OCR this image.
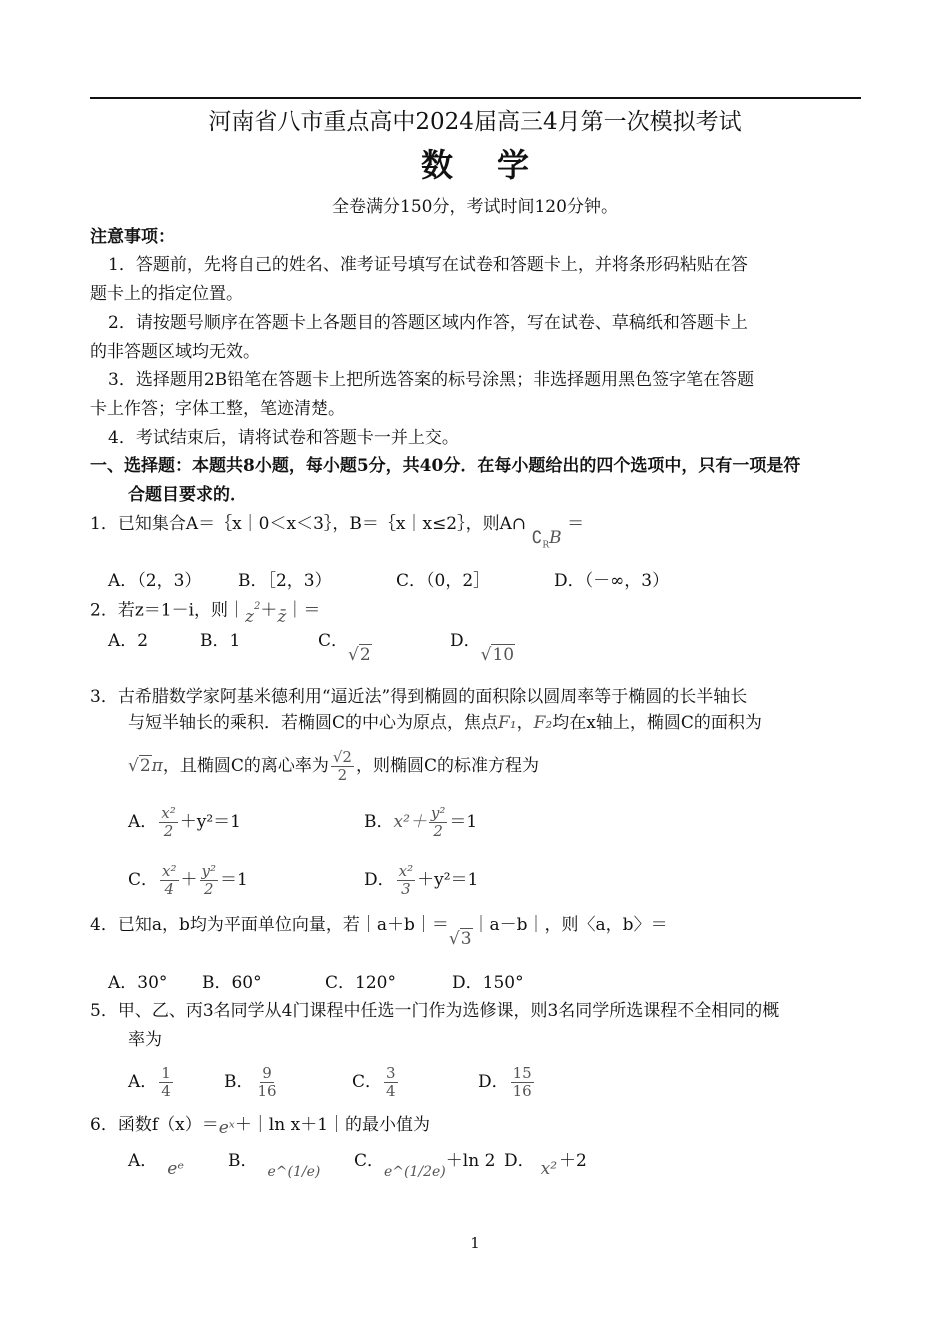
河南省八市重点高中2024届高三4月第一次模拟考试
数学
全卷满分150分，考试时间120分钟。
注意事项：
1．答题前，先将自己的姓名、准考证号填写在试卷和答题卡上，并将条形码粘贴在答
题卡上的指定位置。
2．请按题号顺序在答题卡上各题目的答题区域内作答，写在试卷、草稿纸和答题卡上
的非答题区域均无效。
3．选择题用2B铅笔在答题卡上把所选答案的标号涂黑；非选择题用黑色签字笔在答题
卡上作答；字体工整，笔迹清楚。
4．考试结束后，请将试卷和答题卡一并上交。
一、选择题：本题共8小题，每小题5分，共40分．在每小题给出的四个选项中，只有一项是符
合题目要求的．
1．已知集合A＝｛x｜0＜x＜3｝，B＝｛x｜x≤2｝，则A∩ $∁_RB$ ＝
A．（2，3） B．［2，3）	C．（0，2］	D．（－∞，3）
2．若z＝1－i，则$|z^2+z̄|=$
A．2	B．1	C．√2
D．√10
3．古希腊数学家阿基米德利用“逼近法”得到椭圆的面积除以圆周率等于椭圆的长半轴长
与短半轴长的乘积．若椭圆C的中心为原点，焦点F₁，F₂均在x轴上，椭圆C的面积为
√2π，且椭圆C的离心率为 $\frac{√2}{2}$ ，则椭圆C的标准方程为
A． $\frac{\text{x²}}{2} +y^2=1$	B．$x^2+ \frac{\text{y²}}{2} =1$
C． $\frac{\text{x²}}{4} + \frac{\text{y²}}{2} =1$	D． $\frac{\text{x²}}{3} +y^2=1$
4．已知a，b均为平面单位向量，若｜a＋b｜＝√3｜a－b｜，则〈a，b〉＝
A．30° B．60°	C．120°	D．150°
5．甲、乙、丙3名同学从4门课程中任选一门作为选修课，则3名同学所选课程不全相同的概
率为
A． $\frac{1}{4}$	B． $\frac{9}{16}$	C． $\frac{3}{4}$	D． $\frac{15}{16}$
6．函数f（x）＝eˣ＋｜ln x＋1｜的最小值为
A． eᵉ	B．$_{e\^{}(1/e)}$
C．$_{e\^{}(1/2e)}$＋ln 2 D． x² ＋2
1
